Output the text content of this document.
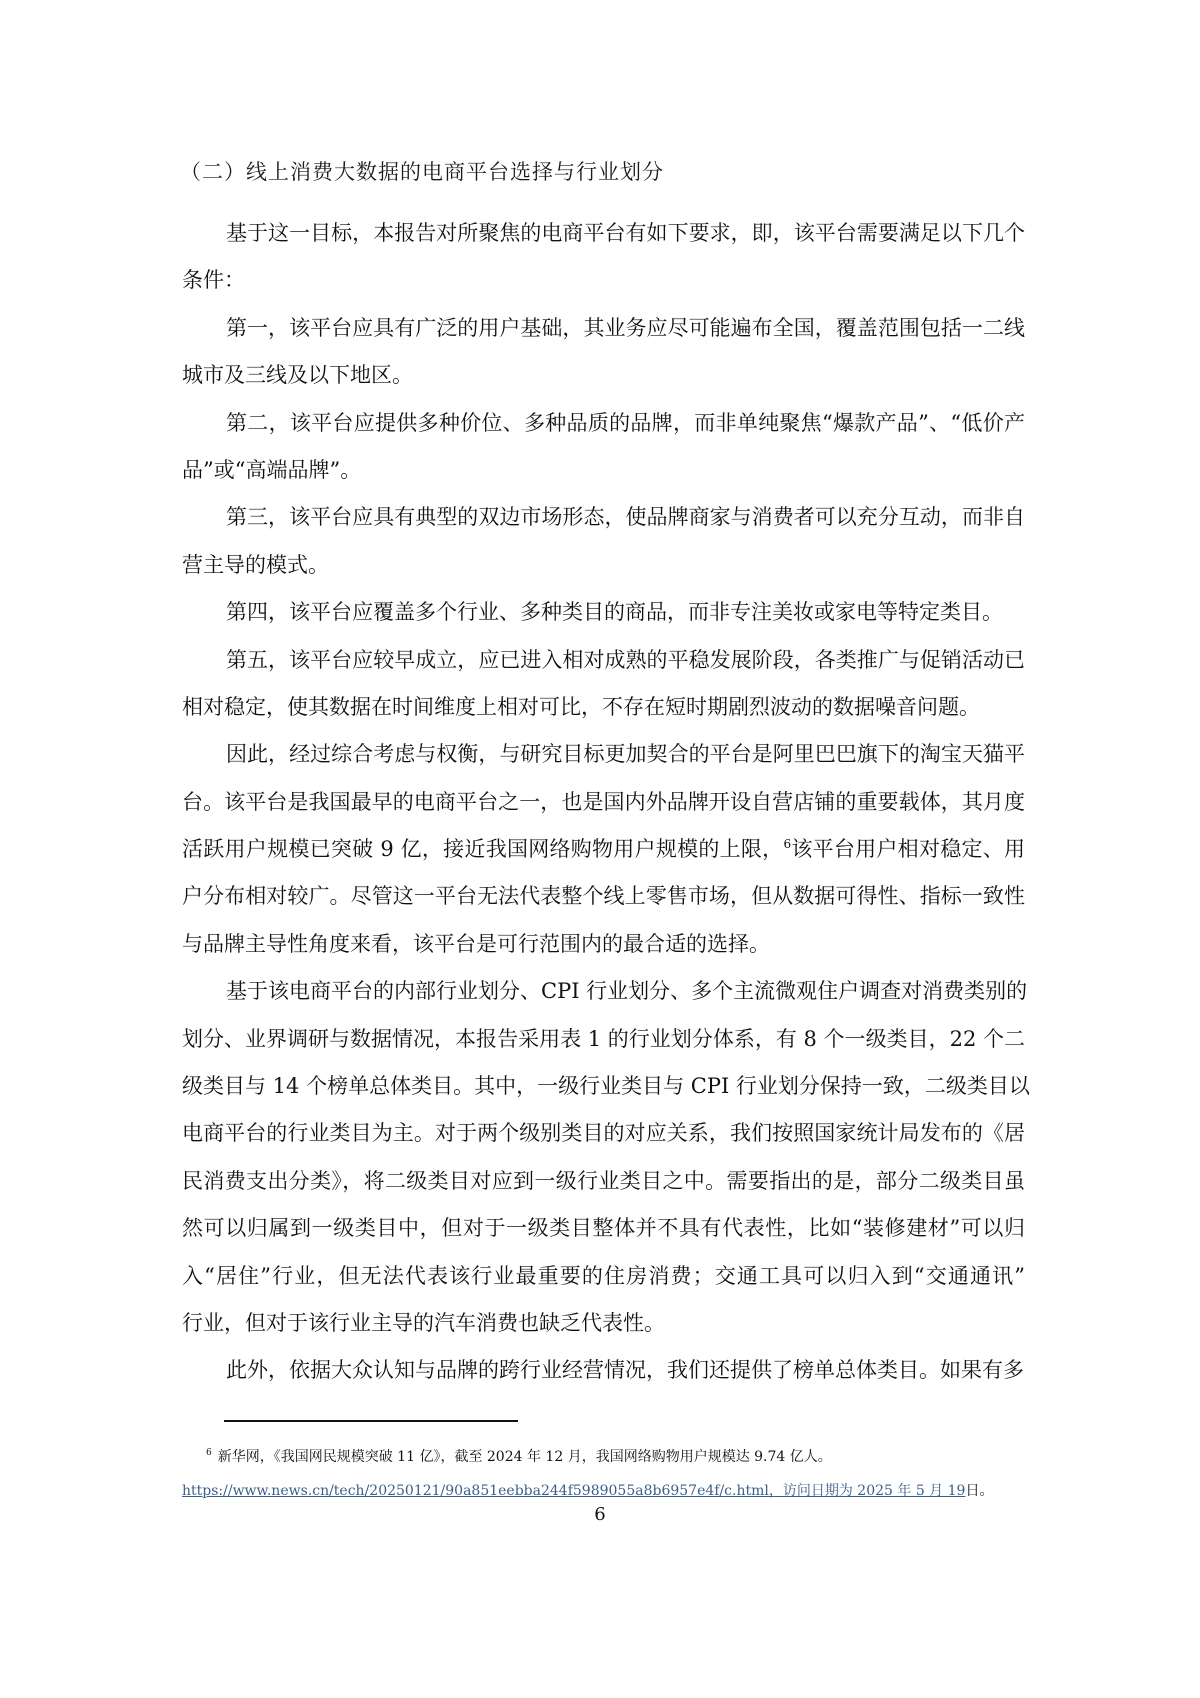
（二）线上消费大数据的电商平台选择与行业划分
基于这一目标，本报告对所聚焦的电商平台有如下要求，即，该平台需要满足以下几个
条件：
第一，该平台应具有广泛的用户基础，其业务应尽可能遍布全国，覆盖范围包括一二线
城市及三线及以下地区。
第二，该平台应提供多种价位、多种品质的品牌，而非单纯聚焦“爆款产品”、“低价产
品”或“高端品牌”。
第三，该平台应具有典型的双边市场形态，使品牌商家与消费者可以充分互动，而非自
营主导的模式。
第四，该平台应覆盖多个行业、多种类目的商品，而非专注美妆或家电等特定类目。
第五，该平台应较早成立，应已进入相对成熟的平稳发展阶段，各类推广与促销活动已
相对稳定，使其数据在时间维度上相对可比，不存在短时期剧烈波动的数据噪音问题。
因此，经过综合考虑与权衡，与研究目标更加契合的平台是阿里巴巴旗下的淘宝天猫平
台。该平台是我国最早的电商平台之一，也是国内外品牌开设自营店铺的重要载体，其月度
活跃用户规模已突破 9 亿，接近我国网络购物用户规模的上限，$^6$该平台用户相对稳定、用
户分布相对较广。尽管这一平台无法代表整个线上零售市场，但从数据可得性、指标一致性
与品牌主导性角度来看，该平台是可行范围内的最合适的选择。
基于该电商平台的内部行业划分、CPI 行业划分、多个主流微观住户调查对消费类别的
划分、业界调研与数据情况，本报告采用表 1 的行业划分体系，有 8 个一级类目，22 个二
级类目与 14 个榜单总体类目。其中，一级行业类目与 CPI 行业划分保持一致，二级类目以
电商平台的行业类目为主。对于两个级别类目的对应关系，我们按照国家统计局发布的《居
民消费支出分类》，将二级类目对应到一级行业类目之中。需要指出的是，部分二级类目虽
然可以归属到一级类目中，但对于一级类目整体并不具有代表性，比如“装修建材”可以归
入“居住”行业，但无法代表该行业最重要的住房消费；交通工具可以归入到“交通通讯”
行业，但对于该行业主导的汽车消费也缺乏代表性。
此外，依据大众认知与品牌的跨行业经营情况，我们还提供了榜单总体类目。如果有多
$^6$ 新华网，《我国网民规模突破 11 亿》，截至 2024 年 12 月，我国网络购物用户规模达 9.74 亿人。
https://www.news.cn/tech/20250121/90a851eebba244f5989055a8b6957e4f/c.html，访问日期为 2025 年 5 月 19日。
6
